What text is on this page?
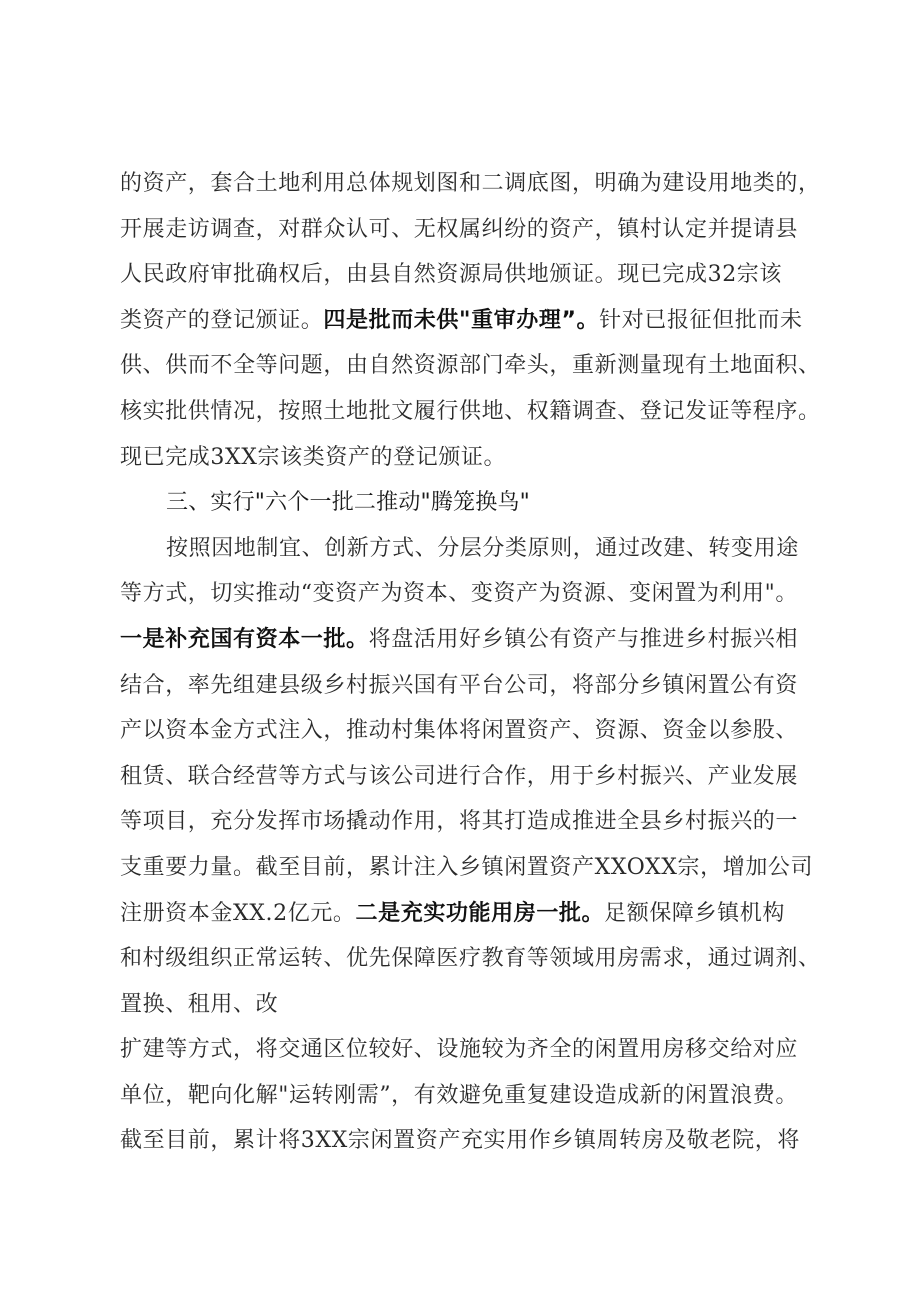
的资产，套合土地利用总体规划图和二调底图，明确为建设用地类的，
开展走访调查，对群众认可、无权属纠纷的资产，镇村认定并提请县
人民政府审批确权后，由县自然资源局供地颁证。现已完成32宗该
类资产的登记颁证。四是批而未供"重审办理”。针对已报征但批而未
供、供而不全等问题，由自然资源部门牵头，重新测量现有土地面积、
核实批供情况，按照土地批文履行供地、权籍调查、登记发证等程序。
现已完成3XX宗该类资产的登记颁证。
三、实行"六个一批二推动"腾笼换鸟"
按照因地制宜、创新方式、分层分类原则，通过改建、转变用途
等方式，切实推动“变资产为资本、变资产为资源、变闲置为利用"。
一是补充国有资本一批。将盘活用好乡镇公有资产与推进乡村振兴相
结合，率先组建县级乡村振兴国有平台公司，将部分乡镇闲置公有资
产以资本金方式注入，推动村集体将闲置资产、资源、资金以参股、
租赁、联合经营等方式与该公司进行合作，用于乡村振兴、产业发展
等项目，充分发挥市场撬动作用，将其打造成推进全县乡村振兴的一
支重要力量。截至目前，累计注入乡镇闲置资产XXOXX宗，增加公司
注册资本金XX.2亿元。二是充实功能用房一批。足额保障乡镇机构
和村级组织正常运转、优先保障医疗教育等领域用房需求，通过调剂、
置换、租用、改
扩建等方式，将交通区位较好、设施较为齐全的闲置用房移交给对应
单位，靶向化解"运转刚需”，有效避免重复建设造成新的闲置浪费。
截至目前，累计将3XX宗闲置资产充实用作乡镇周转房及敬老院，将
